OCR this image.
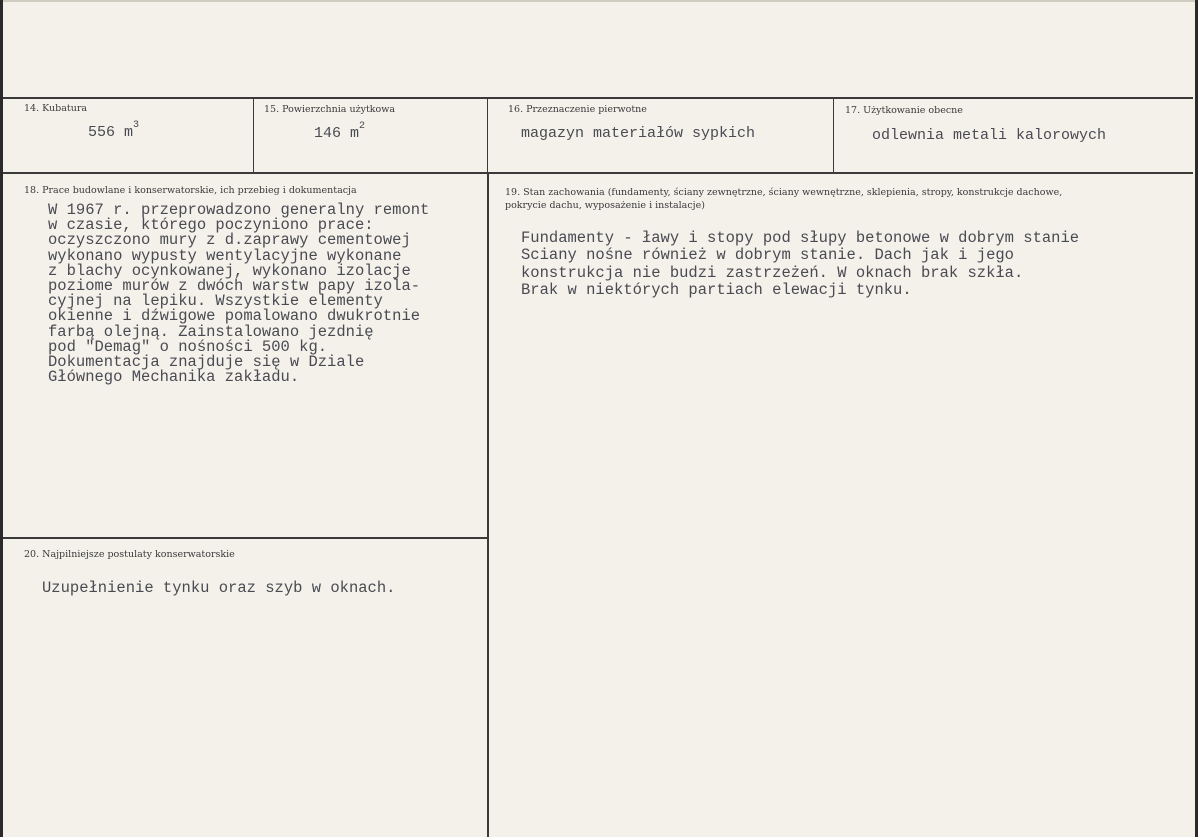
14. Kubatura
556 $m^3$
15. Powierzchnia użytkowa
146 $m^2$
16. Przeznaczenie pierwotne
magazyn materiałów sypkich
17. Użytkowanie obecne
odlewnia metali kalorowych
18. Prace budowlane i konserwatorskie, ich przebieg i dokumentacja
W 1967 r. przeprowadzono generalny remont
w czasie, którego poczyniono prace:
oczyszczono mury z d.zaprawy cementowej
wykonano wypusty wentylacyjne wykonane
z blachy ocynkowanej, wykonano izolacje
poziome murów z dwóch warstw papy izola-
cyjnej na lepiku. Wszystkie elementy
okienne i dźwigowe pomalowano dwukrotnie
farbą olejną. Zainstalowano jezdnię
pod "Demag" o nośności 500 kg.
Dokumentacja znajduje się w Dziale
Głównego Mechanika zakładu.
19. Stan zachowania (fundamenty, ściany zewnętrzne, ściany wewnętrzne, sklepienia, stropy, konstrukcje dachowe, pokrycie dachu, wyposażenie i instalacje)
Fundamenty - ławy i stopy pod słupy betonowe w dobrym stanie
Sciany nośne również w dobrym stanie. Dach jak i jego
konstrukcja nie budzi zastrzeżeń. W oknach brak szkła.
Brak w niektórych partiach elewacji tynku.
20. Najpilniejsze postulaty konserwatorskie
Uzupełnienie tynku oraz szyb w oknach.
